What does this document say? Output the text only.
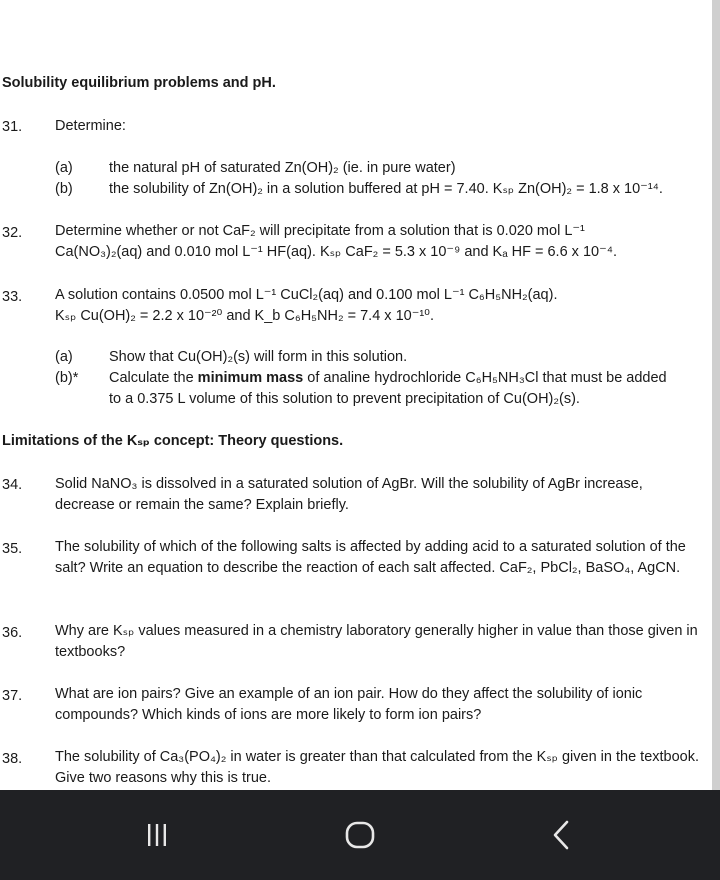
Solubility equilibrium problems and pH.
31. Determine:
(a)	the natural pH of saturated Zn(OH)₂ (ie. in pure water)
(b)	the solubility of Zn(OH)₂ in a solution buffered at pH = 7.40. Kₛₚ Zn(OH)₂ = 1.8 x 10⁻¹⁴.
32. Determine whether or not CaF₂ will precipitate from a solution that is 0.020 mol L⁻¹
Ca(NO₃)₂(aq) and 0.010 mol L⁻¹ HF(aq). Kₛₚ CaF₂ = 5.3 x 10⁻⁹ and Kₐ HF = 6.6 x 10⁻⁴.
33. A solution contains 0.0500 mol L⁻¹ CuCl₂(aq) and 0.100 mol L⁻¹ C₆H₅NH₂(aq).
Kₛₚ Cu(OH)₂ = 2.2 x 10⁻²⁰ and K_b C₆H₅NH₂ = 7.4 x 10⁻¹⁰.
(a)	Show that Cu(OH)₂(s) will form in this solution.
(b)* Calculate the minimum mass of analine hydrochloride C₆H₅NH₃Cl that must be added to a 0.375 L volume of this solution to prevent precipitation of Cu(OH)₂(s).
Limitations of the Kₛₚ concept: Theory questions.
34. Solid NaNO₃ is dissolved in a saturated solution of AgBr. Will the solubility of AgBr increase, decrease or remain the same? Explain briefly.
35. The solubility of which of the following salts is affected by adding acid to a saturated solution of the salt? Write an equation to describe the reaction of each salt affected. CaF₂, PbCl₂, BaSO₄, AgCN.
36. Why are Kₛₚ values measured in a chemistry laboratory generally higher in value than those given in textbooks?
37. What are ion pairs? Give an example of an ion pair. How do they affect the solubility of ionic compounds? Which kinds of ions are more likely to form ion pairs?
38. The solubility of Ca₃(PO₄)₂ in water is greater than that calculated from the Kₛₚ given in the textbook. Give two reasons why this is true.
